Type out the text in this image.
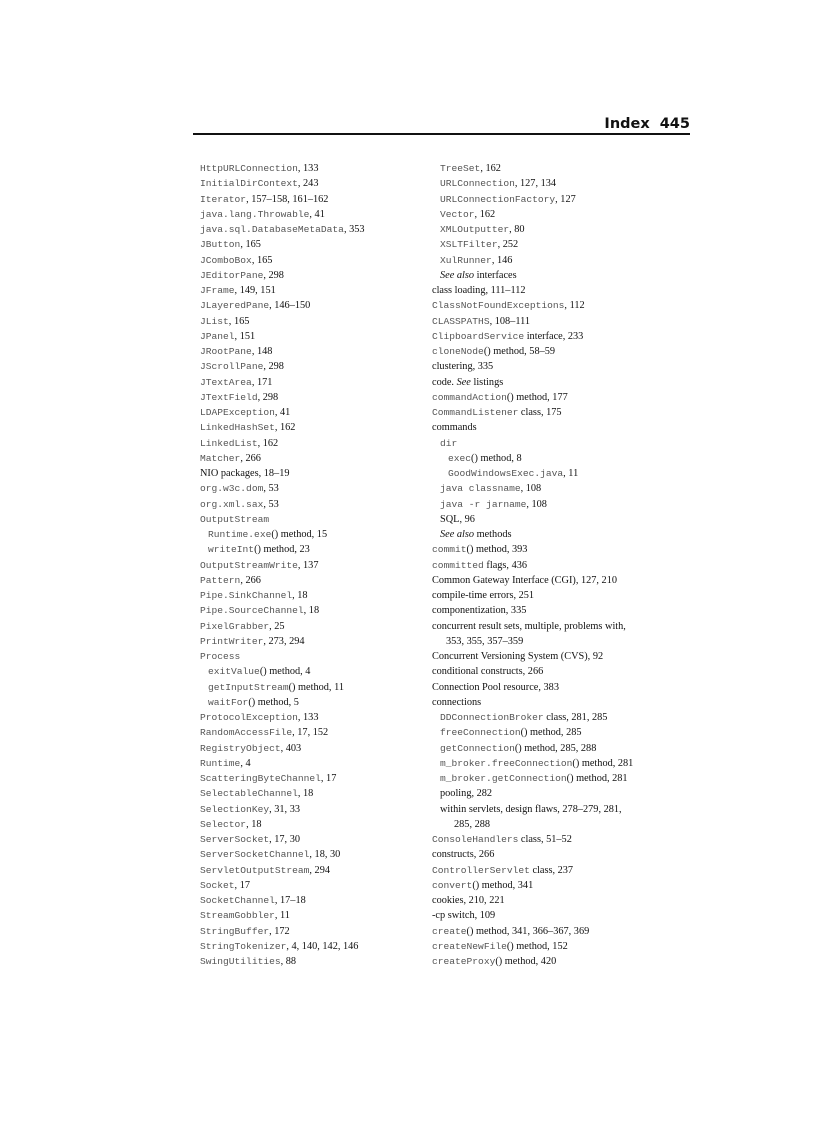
Index 445
HttpURLConnection, 133
InitialDirContext, 243
Iterator, 157–158, 161–162
java.lang.Throwable, 41
java.sql.DatabaseMetaData, 353
JButton, 165
JComboBox, 165
JEditorPane, 298
JFrame, 149, 151
JLayeredPane, 146–150
JList, 165
JPanel, 151
JRootPane, 148
JScrollPane, 298
JTextArea, 171
JTextField, 298
LDAPException, 41
LinkedHashSet, 162
LinkedList, 162
Matcher, 266
NIO packages, 18–19
org.w3c.dom, 53
org.xml.sax, 53
OutputStream
Runtime.exe() method, 15
writeInt() method, 23
OutputStreamWrite, 137
Pattern, 266
Pipe.SinkChannel, 18
Pipe.SourceChannel, 18
PixelGrabber, 25
PrintWriter, 273, 294
Process
exitValue() method, 4
getInputStream() method, 11
waitFor() method, 5
ProtocolException, 133
RandomAccessFile, 17, 152
RegistryObject, 403
Runtime, 4
ScatteringByteChannel, 17
SelectableChannel, 18
SelectionKey, 31, 33
Selector, 18
ServerSocket, 17, 30
ServerSocketChannel, 18, 30
ServletOutputStream, 294
Socket, 17
SocketChannel, 17–18
StreamGobbler, 11
StringBuffer, 172
StringTokenizer, 4, 140, 142, 146
SwingUtilities, 88
TreeSet, 162
URLConnection, 127, 134
URLConnectionFactory, 127
Vector, 162
XMLOutputter, 80
XSLTFilter, 252
XulRunner, 146
See also interfaces
class loading, 111–112
ClassNotFoundExceptions, 112
CLASSPATHS, 108–111
ClipboardService interface, 233
cloneNode() method, 58–59
clustering, 335
code. See listings
commandAction() method, 177
CommandListener class, 175
commands
dir
exec() method, 8
GoodWindowsExec.java, 11
java classname, 108
java -r jarname, 108
SQL, 96
See also methods
commit() method, 393
committed flags, 436
Common Gateway Interface (CGI), 127, 210
compile-time errors, 251
componentization, 335
concurrent result sets, multiple, problems with,
353, 355, 357–359
Concurrent Versioning System (CVS), 92
conditional constructs, 266
Connection Pool resource, 383
connections
DDConnectionBroker class, 281, 285
freeConnection() method, 285
getConnection() method, 285, 288
m_broker.freeConnection() method, 281
m_broker.getConnection() method, 281
pooling, 282
within servlets, design flaws, 278–279, 281,
285, 288
ConsoleHandlers class, 51–52
constructs, 266
ControllerServlet class, 237
convert() method, 341
cookies, 210, 221
-cp switch, 109
create() method, 341, 366–367, 369
createNewFile() method, 152
createProxy() method, 420
